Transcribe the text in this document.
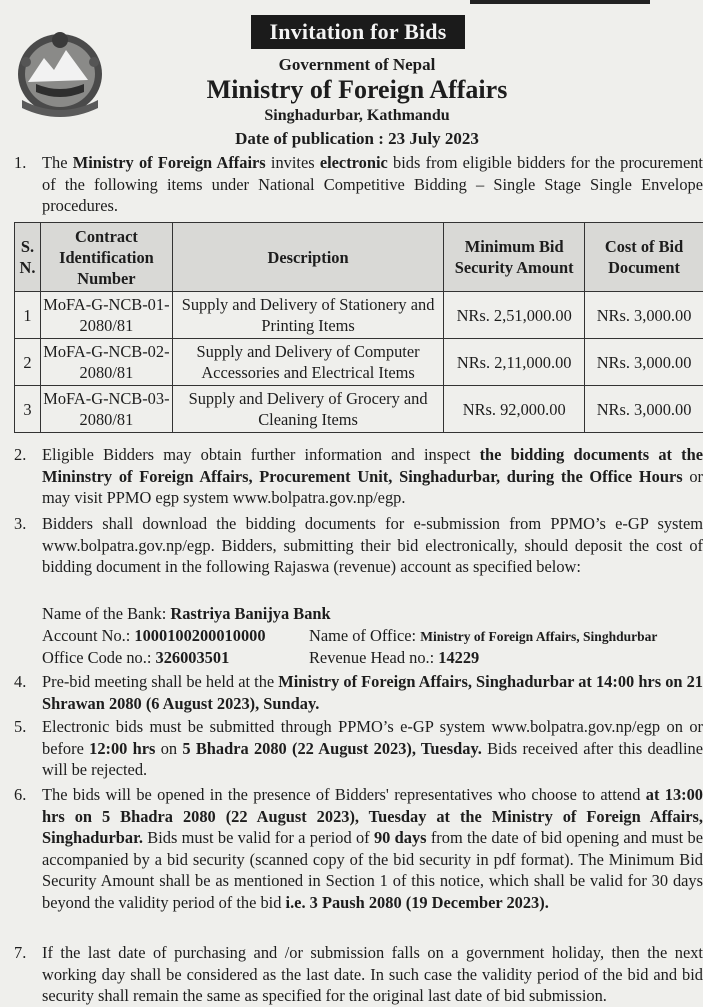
Invitation for Bids
Government of Nepal
Ministry of Foreign Affairs
Singhadurbar, Kathmandu
Date of publication : 23 July 2023
1. The Ministry of Foreign Affairs invites electronic bids from eligible bidders for the procurement of the following items under National Competitive Bidding – Single Stage Single Envelope procedures.
S. N.	Contract Identification Number	Description	Minimum Bid Security Amount	Cost of Bid Document
1	MoFA-G-NCB-01-2080/81	Supply and Delivery of Stationery and Printing Items	NRs. 2,51,000.00	NRs. 3,000.00
2	MoFA-G-NCB-02-2080/81	Supply and Delivery of Computer Accessories and Electrical Items	NRs. 2,11,000.00	NRs. 3,000.00
3	MoFA-G-NCB-03-2080/81	Supply and Delivery of Grocery and Cleaning Items	NRs. 92,000.00	NRs. 3,000.00
2. Eligible Bidders may obtain further information and inspect the bidding documents at the Mininstry of Foreign Affairs, Procurement Unit, Singhadurbar, during the Office Hours or may visit PPMO egp system www.bolpatra.gov.np/egp.
3. Bidders shall download the bidding documents for e-submission from PPMO’s e-GP system www.bolpatra.gov.np/egp. Bidders, submitting their bid electronically, should deposit the cost of bidding document in the following Rajaswa (revenue) account as specified below:
Name of the Bank: Rastriya Banijya Bank
Account No.: 1000100200010000	Name of Office: Ministry of Foreign Affairs, Singhdurbar
Office Code no.: 326003501	Revenue Head no.: 14229
4. Pre-bid meeting shall be held at the Ministry of Foreign Affairs, Singhadurbar at 14:00 hrs on 21 Shrawan 2080 (6 August 2023), Sunday.
5. Electronic bids must be submitted through PPMO’s e-GP system www.bolpatra.gov.np/egp on or before 12:00 hrs on 5 Bhadra 2080 (22 August 2023), Tuesday. Bids received after this deadline will be rejected.
6. The bids will be opened in the presence of Bidders' representatives who choose to attend at 13:00 hrs on 5 Bhadra 2080 (22 August 2023), Tuesday at the Ministry of Foreign Affairs, Singhadurbar. Bids must be valid for a period of 90 days from the date of bid opening and must be accompanied by a bid security (scanned copy of the bid security in pdf format). The Minimum Bid Security Amount shall be as mentioned in Section 1 of this notice, which shall be valid for 30 days beyond the validity period of the bid i.e. 3 Paush 2080 (19 December 2023).
7. If the last date of purchasing and /or submission falls on a government holiday, then the next working day shall be considered as the last date. In such case the validity period of the bid and bid security shall remain the same as specified for the original last date of bid submission.
